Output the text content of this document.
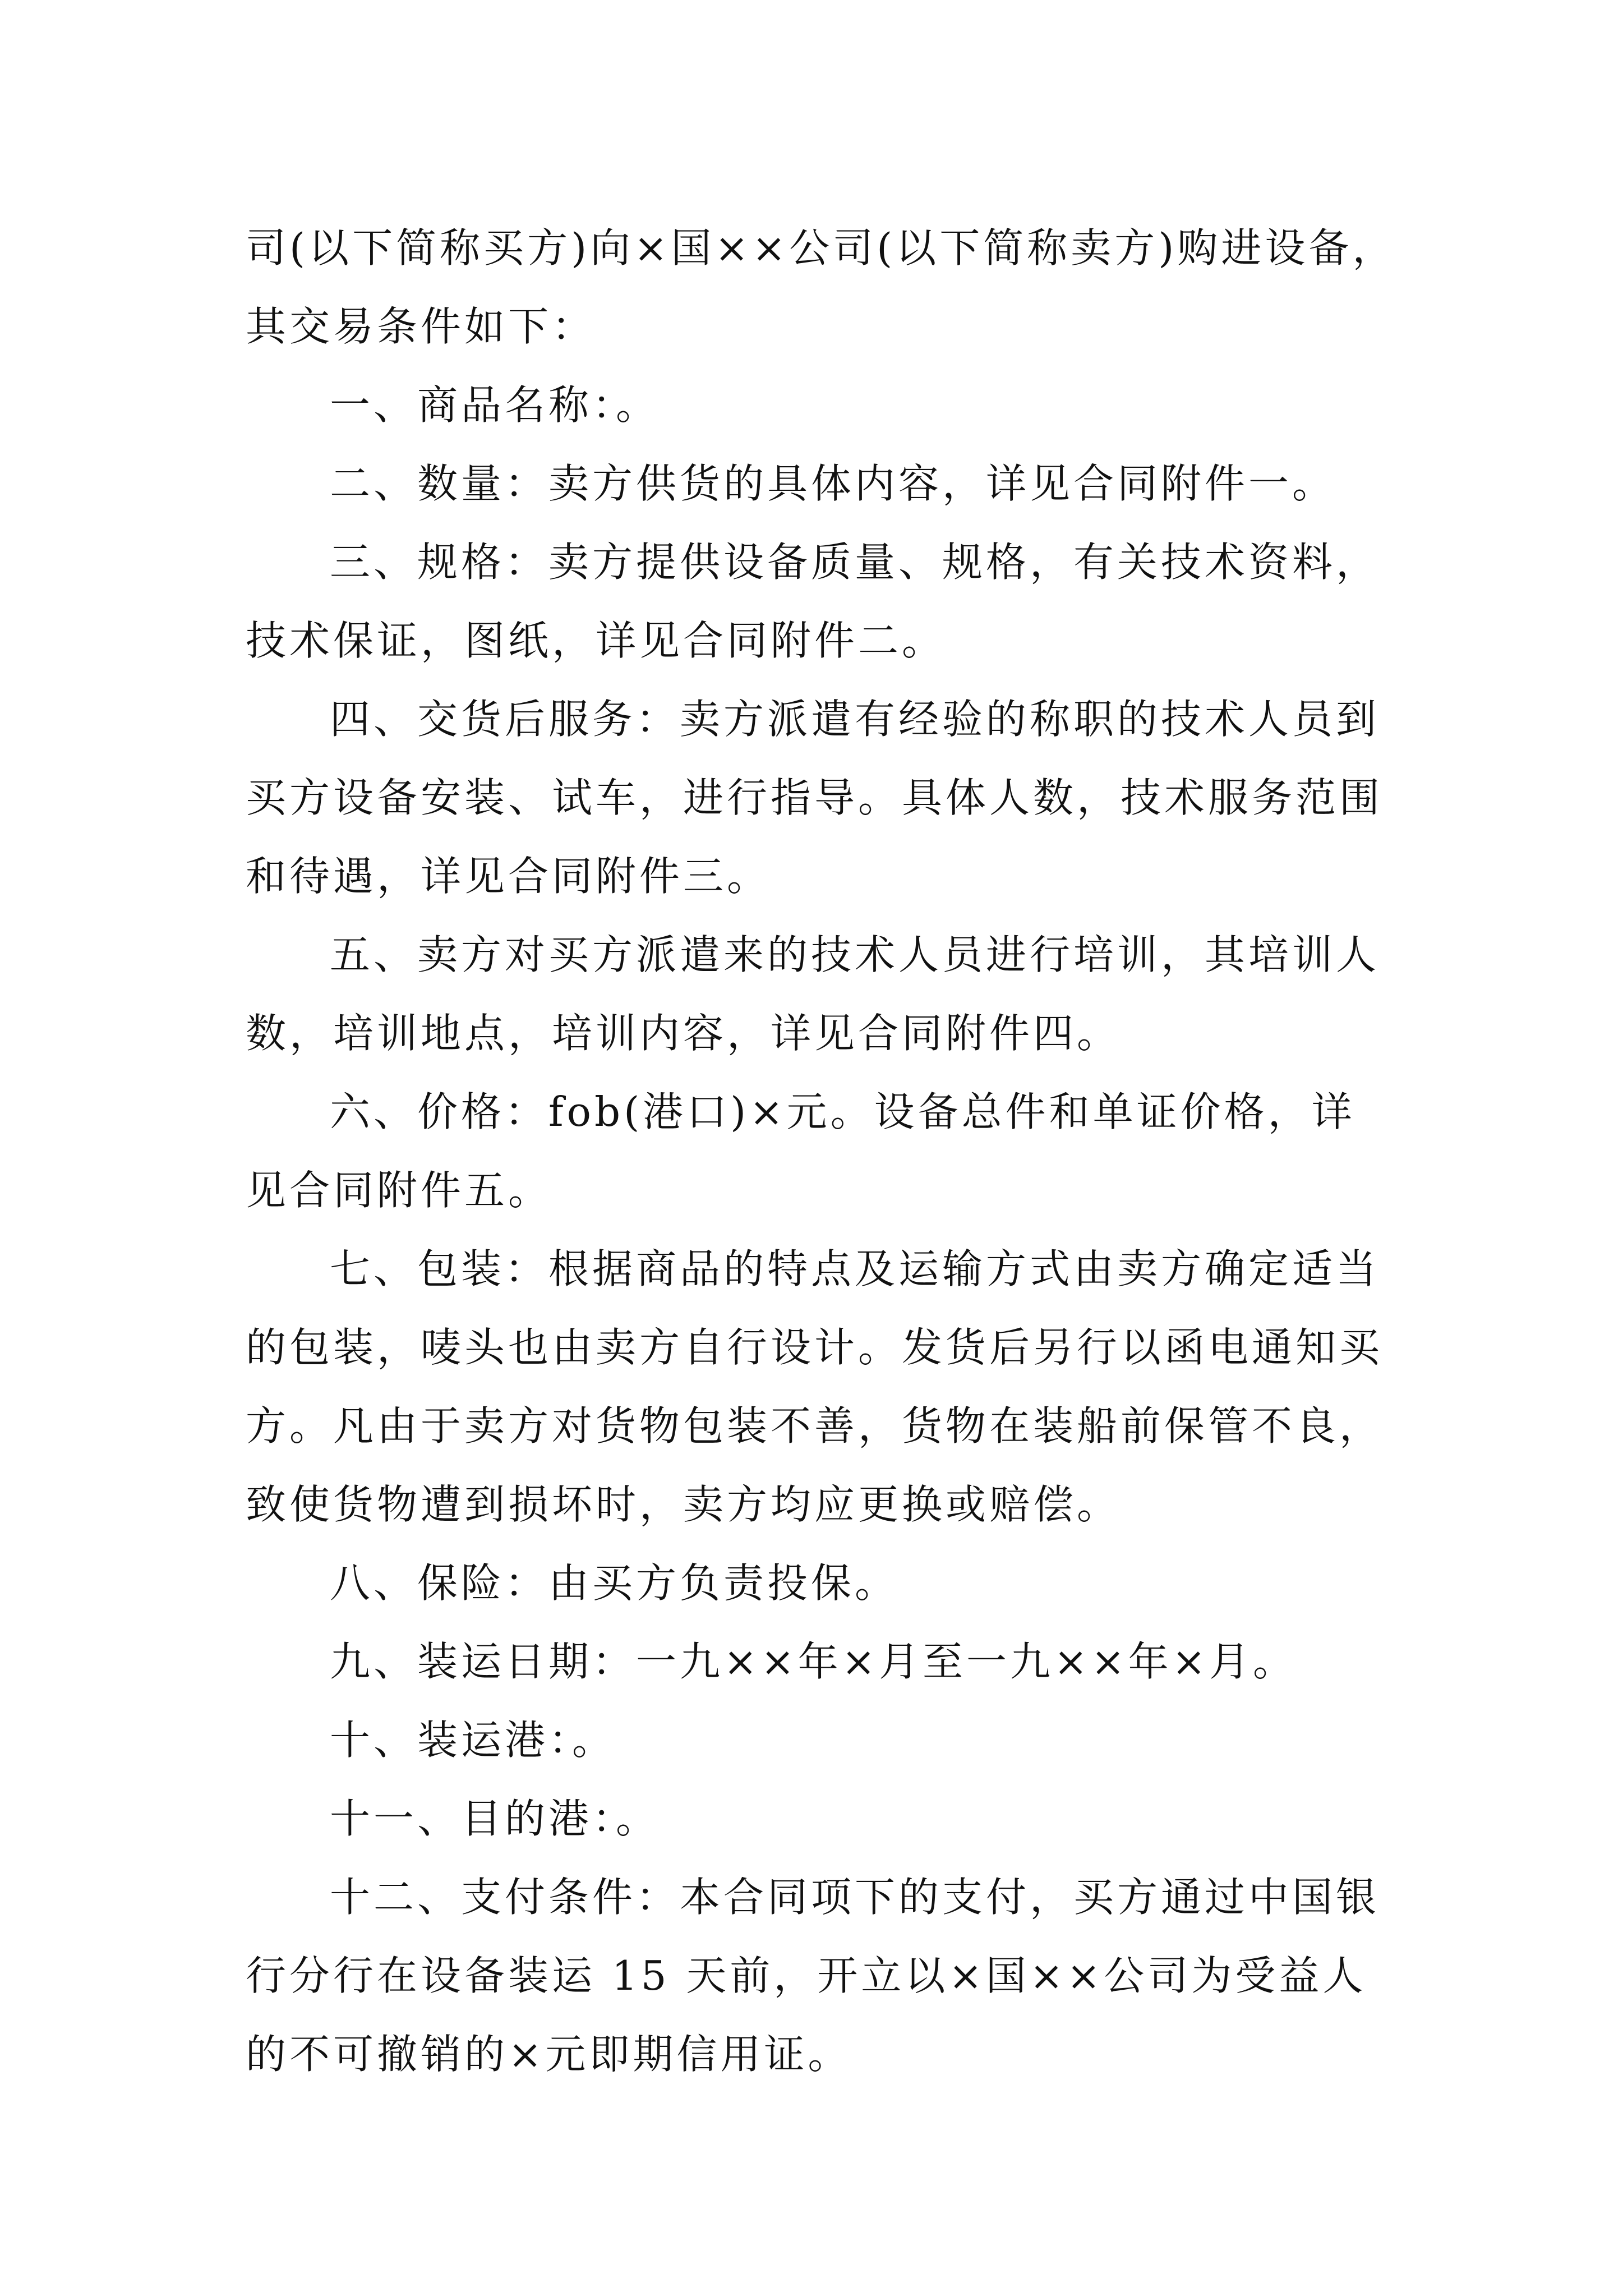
司(以下简称买方)向×国××公司(以下简称卖方)购进设备，

其交易条件如下：

一、商品名称：。

二、数量：卖方供货的具体内容，详见合同附件一。

三、规格：卖方提供设备质量、规格，有关技术资料，

技术保证，图纸，详见合同附件二。

四、交货后服务：卖方派遣有经验的称职的技术人员到

买方设备安装、试车，进行指导。具体人数，技术服务范围

和待遇，详见合同附件三。

五、卖方对买方派遣来的技术人员进行培训，其培训人

数，培训地点，培训内容，详见合同附件四。

六、价格：fob(港口)×元。设备总件和单证价格，详

见合同附件五。

七、包装：根据商品的特点及运输方式由卖方确定适当

的包装，唛头也由卖方自行设计。发货后另行以函电通知买

方。凡由于卖方对货物包装不善，货物在装船前保管不良，

致使货物遭到损坏时，卖方均应更换或赔偿。

八、保险：由买方负责投保。

九、装运日期：一九××年×月至一九××年×月。

十、装运港：。

十一、目的港：。

十二、支付条件：本合同项下的支付，买方通过中国银

行分行在设备装运 15 天前，开立以×国××公司为受益人

的不可撤销的×元即期信用证。
